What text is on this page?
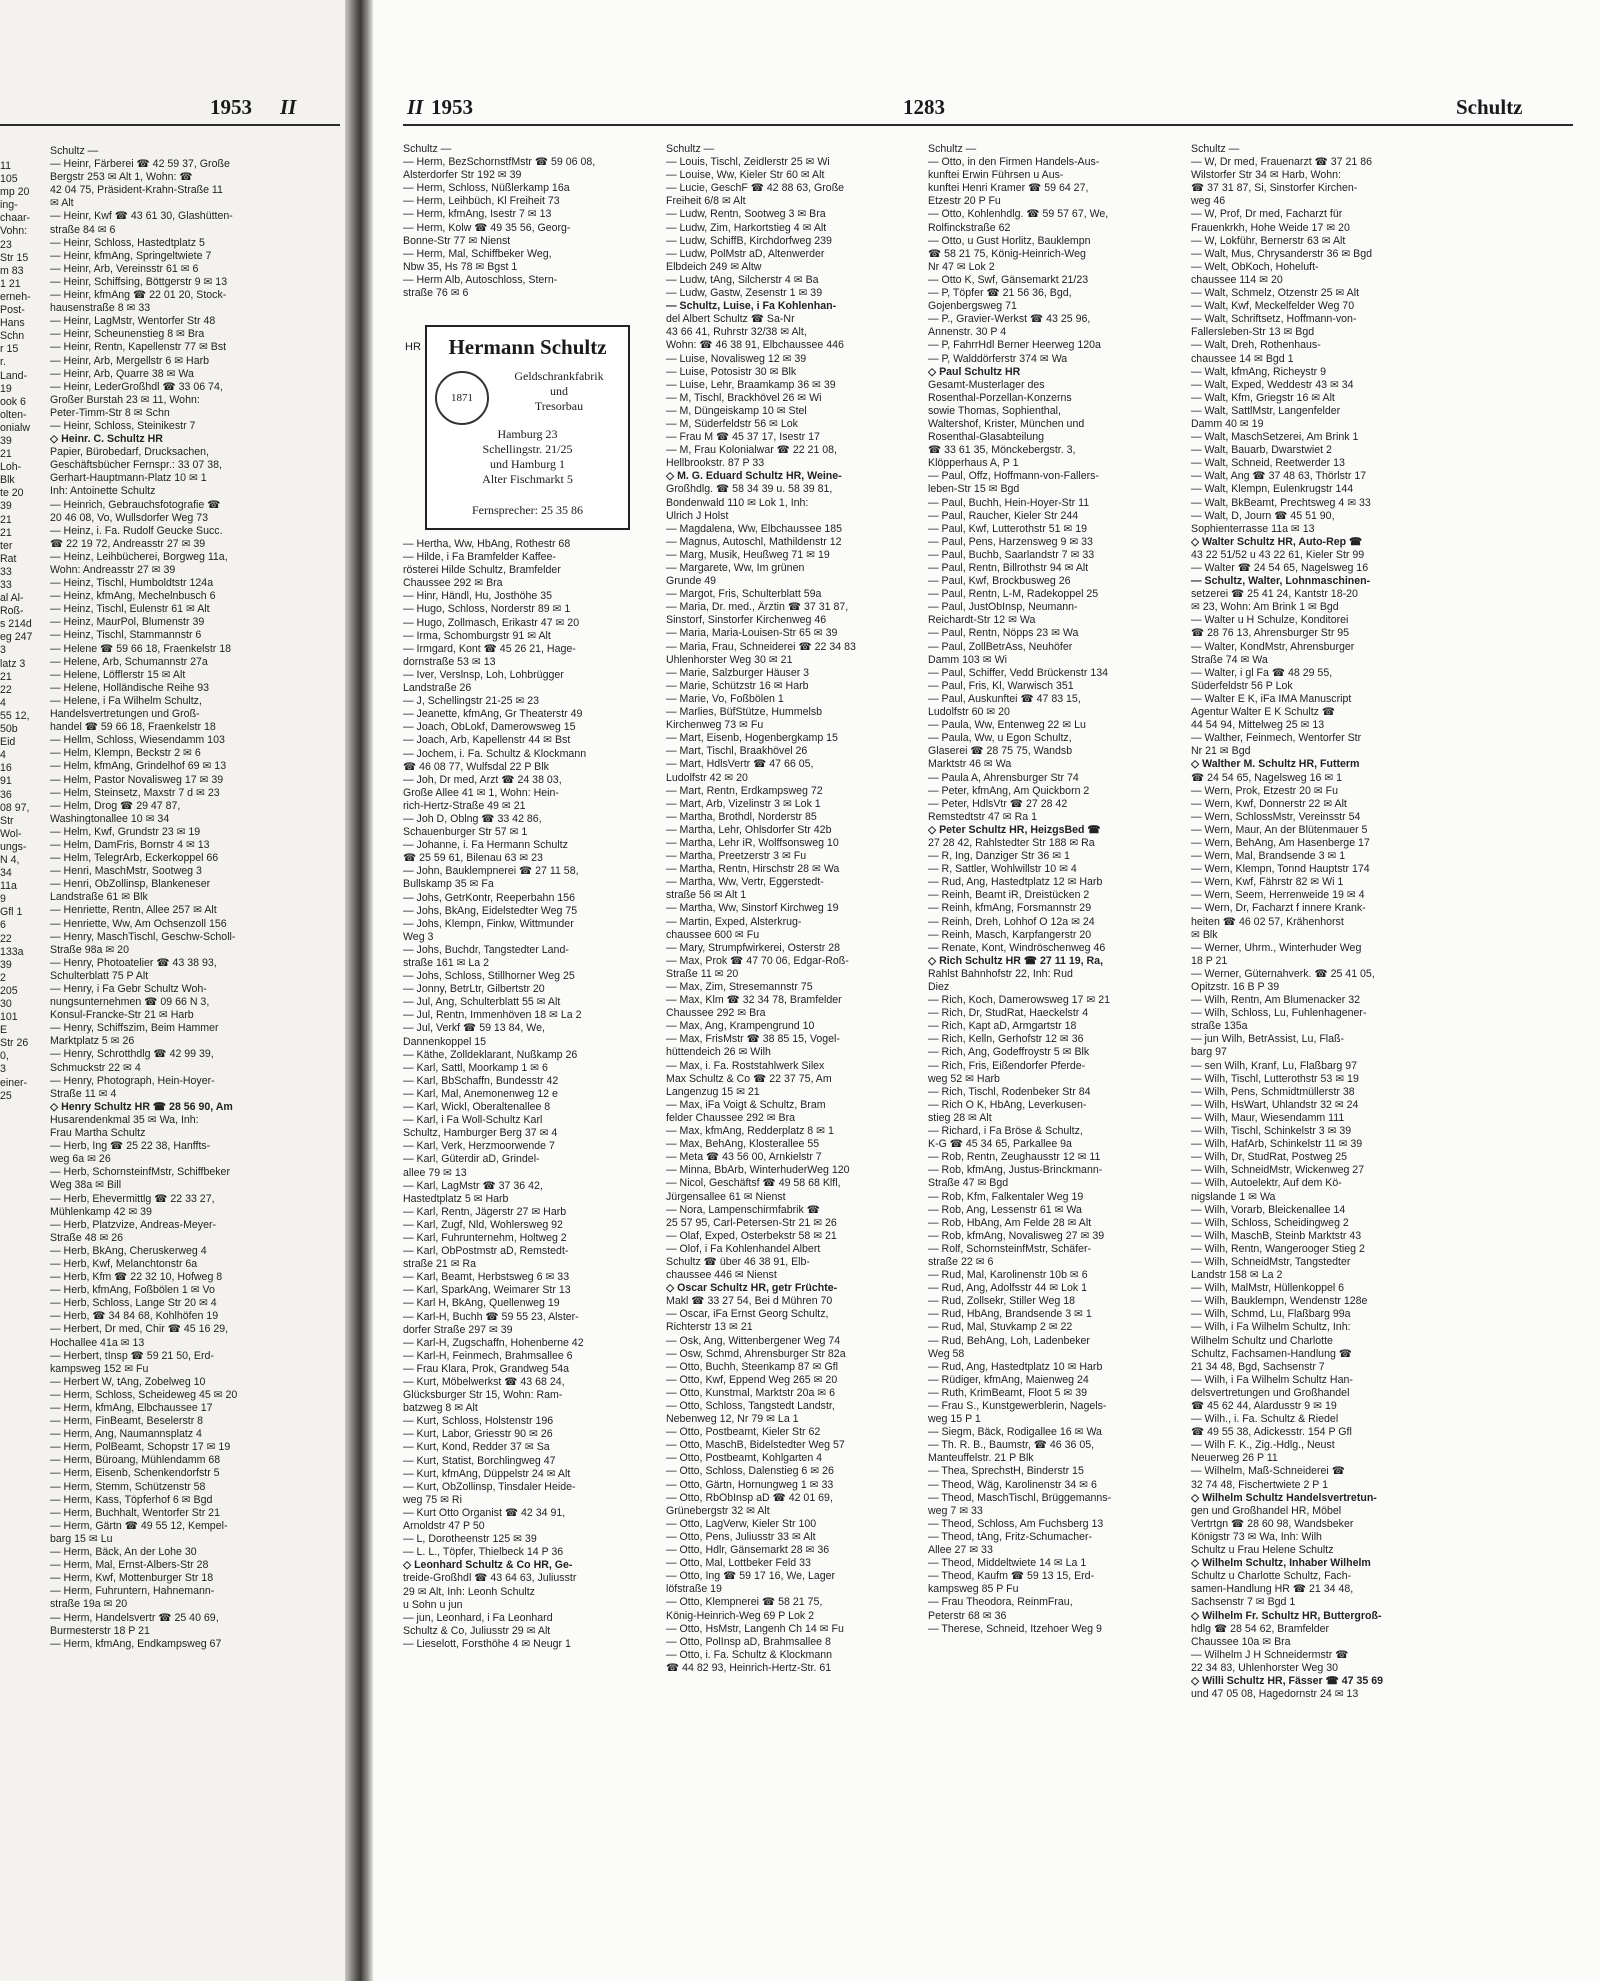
1953 II
11
105
mp 20
ing-
chaar-
Vohn:
23
Str 15
m 83
1 21
erneh-
Post-
Hans
Schn
r 15
r.
Land-
19
ook 6
olten-
onialw
39
21
Loh-
Blk
te 20
39
21
21
ter
Rat
33
33
al Al-
Roß-
s 214d
eg 247
3
latz 3
21
22
4
55 12,
50b
Eid
4
16
91
36
08 97,
Str
Wol-
ungs-
N 4,
34
11a
9
Gfl 1
6
22
133a
39
2
205
30
101
E
Str 26
0,
3
einer-
25
Schultz —
— Heinr, Färberei ☎ 42 59 37, Große
Bergstr 253 ✉ Alt 1, Wohn: ☎
42 04 75, Präsident-Krahn-Straße 11
✉ Alt
— Heinr, Kwf ☎ 43 61 30, Glashütten-
straße 84 ✉ 6
— Heinr, Schloss, Hastedtplatz 5
— Heinr, kfmAng, Springeltwiete 7
— Heinr, Arb, Vereinsstr 61 ✉ 6
— Heinr, Schiffsing, Böttgerstr 9 ✉ 13
— Heinr, kfmAng ☎ 22 01 20, Stock-
hausenstraße 8 ✉ 33
— Heinr, LagMstr, Wentorfer Str 48
— Heinr, Scheunenstieg 8 ✉ Bra
— Heinr, Rentn, Kapellenstr 77 ✉ Bst
— Heinr, Arb, Mergellstr 6 ✉ Harb
— Heinr, Arb, Quarre 38 ✉ Wa
— Heinr, LederGroßhdl ☎ 33 06 74,
Großer Burstah 23 ✉ 11, Wohn:
Peter-Timm-Str 8 ✉ Schn
— Heinr, Schloss, Steinikestr 7
◇ Heinr. C. Schultz HR
Papier, Bürobedarf, Drucksachen,
Geschäftsbücher Fernspr.: 33 07 38,
Gerhart-Hauptmann-Platz 10 ✉ 1
Inh: Antoinette Schultz
— Heinrich, Gebrauchsfotografie ☎
20 46 08, Vo, Wullsdorfer Weg 73
— Heinz, i. Fa. Rudolf Geucke Succ.
☎ 22 19 72, Andreasstr 27 ✉ 39
— Heinz, Leihbücherei, Borgweg 11a,
Wohn: Andreasstr 27 ✉ 39
— Heinz, Tischl, Humboldtstr 124a
— Heinz, kfmAng, Mechelnbusch 6
— Heinz, Tischl, Eulenstr 61 ✉ Alt
— Heinz, MaurPol, Blumenstr 39
— Heinz, Tischl, Stammannstr 6
— Helene ☎ 59 66 18, Fraenkelstr 18
— Helene, Arb, Schumannstr 27a
— Helene, Löfflerstr 15 ✉ Alt
— Helene, Holländische Reihe 93
— Helene, i Fa Wilhelm Schultz,
Handelsvertretungen und Groß-
handel ☎ 59 66 18, Fraenkelstr 18
— Hellm, Schloss, Wiesendamm 103
— Helm, Klempn, Beckstr 2 ✉ 6
— Helm, kfmAng, Grindelhof 69 ✉ 13
— Helm, Pastor Novalisweg 17 ✉ 39
— Helm, Steinsetz, Maxstr 7 d ✉ 23
— Helm, Drog ☎ 29 47 87,
Washingtonallee 10 ✉ 34
— Helm, Kwf, Grundstr 23 ✉ 19
— Helm, DamFris, Bornstr 4 ✉ 13
— Helm, TelegrArb, Eckerkoppel 66
— Henri, MaschMstr, Sootweg 3
— Henri, ObZollinsp, Blankeneser
Landstraße 61 ✉ Blk
— Henriette, Rentn, Allee 257 ✉ Alt
— Henriette, Ww, Am Ochsenzoll 156
— Henry, MaschTischl, Geschw-Scholl-
Straße 98a ✉ 20
— Henry, Photoatelier ☎ 43 38 93,
Schulterblatt 75 P Alt
— Henry, i Fa Gebr Schultz Woh-
nungsunternehmen ☎ 09 66 N 3,
Konsul-Francke-Str 21 ✉ Harb
— Henry, Schiffszim, Beim Hammer
Marktplatz 5 ✉ 26
— Henry, Schrotthdlg ☎ 42 99 39,
Schmuckstr 22 ✉ 4
— Henry, Photograph, Hein-Hoyer-
Straße 11 ✉ 4
◇ Henry Schultz HR ☎ 28 56 90, Am
Husarendenkmal 35 ✉ Wa, Inh:
Frau Martha Schultz
— Herb, Ing ☎ 25 22 38, Hanffts-
weg 6a ✉ 26
— Herb, SchornsteinfMstr, Schiffbeker
Weg 38a ✉ Bill
— Herb, Ehevermittlg ☎ 22 33 27,
Mühlenkamp 42 ✉ 39
— Herb, Platzvize, Andreas-Meyer-
Straße 48 ✉ 26
— Herb, BkAng, Cheruskerweg 4
— Herb, Kwf, Melanchtonstr 6a
— Herb, Kfm ☎ 22 32 10, Hofweg 8
— Herb, kfmAng, Foßbölen 1 ✉ Vo
— Herb, Schloss, Lange Str 20 ✉ 4
— Herb, ☎ 34 84 68, Kohlhöfen 19
— Herbert, Dr med, Chir ☎ 45 16 29,
Hochallee 41a ✉ 13
— Herbert, tInsp ☎ 59 21 50, Erd-
kampsweg 152 ✉ Fu
— Herbert W, tAng, Zobelweg 10
— Herm, Schloss, Scheideweg 45 ✉ 20
— Herm, kfmAng, Elbchaussee 17
— Herm, FinBeamt, Beselerstr 8
— Herm, Ang, Naumannsplatz 4
— Herm, PolBeamt, Schopstr 17 ✉ 19
— Herm, Büroang, Mühlendamm 68
— Herm, Eisenb, Schenkendorfstr 5
— Herm, Stemm, Schützenstr 58
— Herm, Kass, Töpferhof 6 ✉ Bgd
— Herm, Buchhalt, Wentorfer Str 21
— Herm, Gärtn ☎ 49 55 12, Kempel-
barg 15 ✉ Lu
— Herm, Bäck, An der Lohe 30
— Herm, Mal, Ernst-Albers-Str 28
— Herm, Kwf, Mottenburger Str 18
— Herm, Fuhruntern, Hahnemann-
straße 19a ✉ 20
— Herm, Handelsvertr ☎ 25 40 69,
Burmesterstr 18 P 21
— Herm, kfmAng, Endkampsweg 67
II 1953	1283	Schultz
Schultz —
— Herm, BezSchornstfMstr ☎ 59 06 08,
Alsterdorfer Str 192 ✉ 39
— Herm, Schloss, Nüßlerkamp 16a
— Herm, Leihbüch, Kl Freiheit 73
— Herm, kfmAng, Isestr 7 ✉ 13
— Herm, Kolw ☎ 49 35 56, Georg-
Bonne-Str 77 ✉ Nienst
— Herm, Mal, Schiffbeker Weg,
Nbw 35, Hs 78 ✉ Bgst 1
— Herm Alb, Autoschloss, Stern-
straße 76 ✉ 6
HR	Hermann Schultz
1871
Geldschrankfabrik
und
Tresorbau
Hamburg 23
Schellingstr. 21/25
und Hamburg 1
Alter Fischmarkt 5
Fernsprecher: 25 35 86
— Hertha, Ww, HbAng, Rothestr 68
— Hilde, i Fa Bramfelder Kaffee-
rösterei Hilde Schultz, Bramfelder
Chaussee 292 ✉ Bra
— Hinr, Händl, Hu, Josthöhe 35
— Hugo, Schloss, Norderstr 89 ✉ 1
— Hugo, Zollmasch, Erikastr 47 ✉ 20
— Irma, Schomburgstr 91 ✉ Alt
— Irmgard, Kont ☎ 45 26 21, Hage-
dornstraße 53 ✉ 13
— Iver, Verslnsp, Loh, Lohbrügger
Landstraße 26
— J, Schellingstr 21-25 ✉ 23
— Jeanette, kfmAng, Gr Theaterstr 49
— Joach, ObLokf, Damerowsweg 15
— Joach, Arb, Kapellenstr 44 ✉ Bst
— Jochem, i. Fa. Schultz & Klockmann
☎ 46 08 77, Wulfsdal 22 P Blk
— Joh, Dr med, Arzt ☎ 24 38 03,
Große Allee 41 ✉ 1, Wohn: Hein-
rich-Hertz-Straße 49 ✉ 21
— Joh D, Oblng ☎ 33 42 86,
Schauenburger Str 57 ✉ 1
— Johanne, i. Fa Hermann Schultz
☎ 25 59 61, Bilenau 63 ✉ 23
— John, Bauklempnerei ☎ 27 11 58,
Bullskamp 35 ✉ Fa
— Johs, GetrKontr, Reeperbahn 156
— Johs, BkAng, Eidelstedter Weg 75
— Johs, Klempn, Finkw, Wittmunder
Weg 3
— Johs, Buchdr, Tangstedter Land-
straße 161 ✉ La 2
— Johs, Schloss, Stillhorner Weg 25
— Jonny, BetrLtr, Gilbertstr 20
— Jul, Ang, Schulterblatt 55 ✉ Alt
— Jul, Rentn, Immenhöven 18 ✉ La 2
— Jul, Verkf ☎ 59 13 84, We,
Dannenkoppel 15
— Käthe, Zolldeklarant, Nußkamp 26
— Karl, Sattl, Moorkamp 1 ✉ 6
— Karl, BbSchaffn, Bundesstr 42
— Karl, Mal, Anemonenweg 12 e
— Karl, Wickl, Oberaltenallee 8
— Karl, i Fa Woll-Schultz Karl
Schultz, Hamburger Berg 37 ✉ 4
— Karl, Verk, Herzmoorwende 7
— Karl, Güterdir aD, Grindel-
allee 79 ✉ 13
— Karl, LagMstr ☎ 37 36 42,
Hastedtplatz 5 ✉ Harb
— Karl, Rentn, Jägerstr 27 ✉ Harb
— Karl, Zugf, Nld, Wohlersweg 92
— Karl, Fuhrunternehm, Holtweg 2
— Karl, ObPostmstr aD, Remstedt-
straße 21 ✉ Ra
— Karl, Beamt, Herbstsweg 6 ✉ 33
— Karl, SparkAng, Weimarer Str 13
— Karl H, BkAng, Quellenweg 19
— Karl-H, Buchh ☎ 59 55 23, Alster-
dorfer Straße 297 ✉ 39
— Karl-H, Zugschaffn, Hohenberne 42
— Karl-H, Feinmech, Brahmsallee 6
— Frau Klara, Prok, Grandweg 54a
— Kurt, Möbelwerkst ☎ 43 68 24,
Glücksburger Str 15, Wohn: Ram-
batzweg 8 ✉ Alt
— Kurt, Schloss, Holstenstr 196
— Kurt, Labor, Griesstr 90 ✉ 26
— Kurt, Kond, Redder 37 ✉ Sa
— Kurt, Statist, Borchlingweg 47
— Kurt, kfmAng, Düppelstr 24 ✉ Alt
— Kurt, ObZollinsp, Tinsdaler Heide-
weg 75 ✉ Ri
— Kurt Otto Organist ☎ 42 34 91,
Arnoldstr 47 P 50
— L, Dorotheenstr 125 ✉ 39
— L. L., Töpfer, Thielbeck 14 P 36
◇ Leonhard Schultz & Co HR, Ge-
treide-Großhdl ☎ 43 64 63, Juliusstr
29 ✉ Alt, Inh: Leonh Schultz
u Sohn u jun
— jun, Leonhard, i Fa Leonhard
Schultz & Co, Juliusstr 29 ✉ Alt
— Lieselott, Forsthöhe 4 ✉ Neugr 1
Schultz —
— Louis, Tischl, Zeidlerstr 25 ✉ Wi
— Louise, Ww, Kieler Str 60 ✉ Alt
— Lucie, GeschF ☎ 42 88 63, Große
Freiheit 6/8 ✉ Alt
— Ludw, Rentn, Sootweg 3 ✉ Bra
— Ludw, Zim, Harkortstieg 4 ✉ Alt
— Ludw, SchiffB, Kirchdorfweg 239
— Ludw, PolMstr aD, Altenwerder
Elbdeich 249 ✉ Altw
— Ludw, tAng, Silcherstr 4 ✉ Ba
— Ludw, Gastw, Zesenstr 1 ✉ 39
— Schultz, Luise, i Fa Kohlenhan-
del Albert Schultz ☎ Sa-Nr
43 66 41, Ruhrstr 32/38 ✉ Alt,
Wohn: ☎ 46 38 91, Elbchaussee 446
— Luise, Novalisweg 12 ✉ 39
— Luise, Potosistr 30 ✉ Blk
— Luise, Lehr, Braamkamp 36 ✉ 39
— M, Tischl, Brackhövel 26 ✉ Wi
— M, Düngeiskamp 10 ✉ Stel
— M, Süderfeldstr 56 ✉ Lok
— Frau M ☎ 45 37 17, Isestr 17
— M, Frau Kolonialwar ☎ 22 21 08,
Hellbrookstr. 87 P 33
◇ M. G. Eduard Schultz HR, Weine-
Großhdlg. ☎ 58 34 39 u. 58 39 81,
Bondenwald 110 ✉ Lok 1, Inh:
Ulrich J Holst
— Magdalena, Ww, Elbchaussee 185
— Magnus, Autoschl, Mathildenstr 12
— Marg, Musik, Heußweg 71 ✉ 19
— Margarete, Ww, Im grünen
Grunde 49
— Margot, Fris, Schulterblatt 59a
— Maria, Dr. med., Ärztin ☎ 37 31 87,
Sinstorf, Sinstorfer Kirchenweg 46
— Maria, Maria-Louisen-Str 65 ✉ 39
— Maria, Frau, Schneiderei ☎ 22 34 83
Uhlenhorster Weg 30 ✉ 21
— Marie, Salzburger Häuser 3
— Marie, Schützstr 16 ✉ Harb
— Marie, Vo, Foßbölen 1
— Marlies, BüfStütze, Hummelsb
Kirchenweg 73 ✉ Fu
— Mart, Eisenb, Hogenbergkamp 15
— Mart, Tischl, Braakhövel 26
— Mart, HdlsVertr ☎ 47 66 05,
Ludolfstr 42 ✉ 20
— Mart, Rentn, Erdkampsweg 72
— Mart, Arb, Vizelinstr 3 ✉ Lok 1
— Martha, Brothdl, Norderstr 85
— Martha, Lehr, Ohlsdorfer Str 42b
— Martha, Lehr iR, Wolffsonsweg 10
— Martha, Preetzerstr 3 ✉ Fu
— Martha, Rentn, Hirschstr 28 ✉ Wa
— Martha, Ww, Vertr, Eggerstedt-
straße 56 ✉ Alt 1
— Martha, Ww, Sinstorf Kirchweg 19
— Martin, Exped, Alsterkrug-
chaussee 600 ✉ Fu
— Mary, Strumpfwirkerei, Osterstr 28
— Max, Prok ☎ 47 70 06, Edgar-Roß-
Straße 11 ✉ 20
— Max, Zim, Stresemannstr 75
— Max, Klm ☎ 32 34 78, Bramfelder
Chaussee 292 ✉ Bra
— Max, Ang, Krampengrund 10
— Max, FrisMstr ☎ 38 85 15, Vogel-
hüttendeich 26 ✉ Wilh
— Max, i. Fa. Roststahlwerk Silex
Max Schultz & Co ☎ 22 37 75, Am
Langenzug 15 ✉ 21
— Max, iFa Voigt & Schultz, Bram
felder Chaussee 292 ✉ Bra
— Max, kfmAng, Redderplatz 8 ✉ 1
— Max, BehAng, Klosterallee 55
— Meta ☎ 43 56 00, Arnkielstr 7
— Minna, BbArb, WinterhuderWeg 120
— Nicol, Geschäftsf ☎ 49 58 68 Klfl,
Jürgensallee 61 ✉ Nienst
— Nora, Lampenschirmfabrik ☎
25 57 95, Carl-Petersen-Str 21 ✉ 26
— Olaf, Exped, Osterbekstr 58 ✉ 21
— Olof, i Fa Kohlenhandel Albert
Schultz ☎ über 46 38 91, Elb-
chaussee 446 ✉ Nienst
◇ Oscar Schultz HR, getr Früchte-
Makl ☎ 33 27 54, Bei d Mühren 70
— Oscar, iFa Ernst Georg Schultz,
Richterstr 13 ✉ 21
— Osk, Ang, Wittenbergener Weg 74
— Osw, Schmd, Ahrensburger Str 82a
— Otto, Buchh, Steenkamp 87 ✉ Gfl
— Otto, Kwf, Eppend Weg 265 ✉ 20
— Otto, Kunstmal, Marktstr 20a ✉ 6
— Otto, Schloss, Tangstedt Landstr,
Nebenweg 12, Nr 79 ✉ La 1
— Otto, Postbeamt, Kieler Str 62
— Otto, MaschB, Bidelstedter Weg 57
— Otto, Postbeamt, Kohlgarten 4
— Otto, Schloss, Dalenstieg 6 ✉ 26
— Otto, Gärtn, Hornungweg 1 ✉ 33
— Otto, RbObInsp aD ☎ 42 01 69,
Grünebergstr 32 ✉ Alt
— Otto, LagVerw, Kieler Str 100
— Otto, Pens, Juliusstr 33 ✉ Alt
— Otto, Hdlr, Gänsemarkt 28 ✉ 36
— Otto, Mal, Lottbeker Feld 33
— Otto, Ing ☎ 59 17 16, We, Lager
löfstraße 19
— Otto, Klempnerei ☎ 58 21 75,
König-Heinrich-Weg 69 P Lok 2
— Otto, HsMstr, Langenh Ch 14 ✉ Fu
— Otto, PolInsp aD, Brahmsallee 8
— Otto, i. Fa. Schultz & Klockmann
☎ 44 82 93, Heinrich-Hertz-Str. 61
Schultz —
— Otto, in den Firmen Handels-Aus-
kunftei Erwin Führsen u Aus-
kunftei Henri Kramer ☎ 59 64 27,
Etzestr 20 P Fu
— Otto, Kohlenhdlg. ☎ 59 57 67, We,
Rolfinckstraße 62
— Otto, u Gust Horlitz, Bauklempn
☎ 58 21 75, König-Heinrich-Weg
Nr 47 ✉ Lok 2
— Otto K, Swf, Gänsemarkt 21/23
— P, Töpfer ☎ 21 56 36, Bgd,
Gojenbergsweg 71
— P., Gravier-Werkst ☎ 43 25 96,
Annenstr. 30 P 4
— P, FahrrHdl Berner Heerweg 120a
— P, Walddörferstr 374 ✉ Wa
◇ Paul Schultz HR
Gesamt-Musterlager des
Rosenthal-Porzellan-Konzerns
sowie Thomas, Sophienthal,
Waltershof, Krister, München und
Rosenthal-Glasabteilung
☎ 33 61 35, Mönckebergstr. 3,
Klöpperhaus A, P 1
— Paul, Offz, Hoffmann-von-Fallers-
leben-Str 15 ✉ Bgd
— Paul, Buchh, Hein-Hoyer-Str 11
— Paul, Raucher, Kieler Str 244
— Paul, Kwf, Lutterothstr 51 ✉ 19
— Paul, Pens, Harzensweg 9 ✉ 33
— Paul, Buchb, Saarlandstr 7 ✉ 33
— Paul, Rentn, Billrothstr 94 ✉ Alt
— Paul, Kwf, Brockbusweg 26
— Paul, Rentn, L-M, Radekoppel 25
— Paul, JustObInsp, Neumann-
Reichardt-Str 12 ✉ Wa
— Paul, Rentn, Nöpps 23 ✉ Wa
— Paul, ZollBetrAss, Neuhöfer
Damm 103 ✉ Wi
— Paul, Schiffer, Vedd Brückenstr 134
— Paul, Fris, Kl, Warwisch 351
— Paul, Auskunftei ☎ 47 83 15,
Ludolfstr 60 ✉ 20
— Paula, Ww, Entenweg 22 ✉ Lu
— Paula, Ww, u Egon Schultz,
Glaserei ☎ 28 75 75, Wandsb
Marktstr 46 ✉ Wa
— Paula A, Ahrensburger Str 74
— Peter, kfmAng, Am Quickborn 2
— Peter, HdlsVtr ☎ 27 28 42
Remstedtstr 47 ✉ Ra 1
◇ Peter Schultz HR, HeizgsBed ☎
27 28 42, Rahlstedter Str 188 ✉ Ra
— R, Ing, Danziger Str 36 ✉ 1
— R, Sattler, Wohlwillstr 10 ✉ 4
— Rud, Ang, Hastedtplatz 12 ✉ Harb
— Reinh, Beamt iR, Dreistücken 2
— Reinh, kfmAng, Forsmannstr 29
— Reinh, Dreh, Lohhof O 12a ✉ 24
— Reinh, Masch, Karpfangerstr 20
— Renate, Kont, Windröschenweg 46
◇ Rich Schultz HR ☎ 27 11 19, Ra,
Rahlst Bahnhofstr 22, Inh: Rud
Diez
— Rich, Koch, Damerowsweg 17 ✉ 21
— Rich, Dr, StudRat, Haeckelstr 4
— Rich, Kapt aD, Armgartstr 18
— Rich, Kelln, Gerhofstr 12 ✉ 36
— Rich, Ang, Godeffroystr 5 ✉ Blk
— Rich, Fris, Eißendorfer Pferde-
weg 52 ✉ Harb
— Rich, Tischl, Rodenbeker Str 84
— Rich O K, HbAng, Leverkusen-
stieg 28 ✉ Alt
— Richard, i Fa Bröse & Schultz,
K-G ☎ 45 34 65, Parkallee 9a
— Rob, Rentn, Zeughausstr 12 ✉ 11
— Rob, kfmAng, Justus-Brinckmann-
Straße 47 ✉ Bgd
— Rob, Kfm, Falkentaler Weg 19
— Rob, Ang, Lessenstr 61 ✉ Wa
— Rob, HbAng, Am Felde 28 ✉ Alt
— Rob, kfmAng, Novalisweg 27 ✉ 39
— Rolf, SchornsteinfMstr, Schäfer-
straße 22 ✉ 6
— Rud, Mal, Karolinenstr 10b ✉ 6
— Rud, Ang, Adolfsstr 44 ✉ Lok 1
— Rud, Zollsekr, Stiller Weg 18
— Rud, HbAng, Brandsende 3 ✉ 1
— Rud, Mal, Stuvkamp 2 ✉ 22
— Rud, BehAng, Loh, Ladenbeker
Weg 58
— Rud, Ang, Hastedtplatz 10 ✉ Harb
— Rüdiger, kfmAng, Maienweg 24
— Ruth, KrimBeamt, Floot 5 ✉ 39
— Frau S., Kunstgewerblerin, Nagels-
weg 15 P 1
— Siegm, Bäck, Rodigallee 16 ✉ Wa
— Th. R. B., Baumstr, ☎ 46 36 05,
Manteuffelstr. 21 P Blk
— Thea, SprechstH, Binderstr 15
— Theod, Wäg, Karolinenstr 34 ✉ 6
— Theod, MaschTischl, Brüggemanns-
weg 7 ✉ 33
— Theod, Schloss, Am Fuchsberg 13
— Theod, tAng, Fritz-Schumacher-
Allee 27 ✉ 33
— Theod, Middeltwiete 14 ✉ La 1
— Theod, Kaufm ☎ 59 13 15, Erd-
kampsweg 85 P Fu
— Frau Theodora, ReinmFrau,
Peterstr 68 ✉ 36
— Therese, Schneid, Itzehoer Weg 9
Schultz —
— W, Dr med, Frauenarzt ☎ 37 21 86
Wilstorfer Str 34 ✉ Harb, Wohn:
☎ 37 31 87, Si, Sinstorfer Kirchen-
weg 46
— W, Prof, Dr med, Facharzt für
Frauenkrkh, Hohe Weide 17 ✉ 20
— W, Lokführ, Bernerstr 63 ✉ Alt
— Walt, Mus, Chrysanderstr 36 ✉ Bgd
— Welt, ObKoch, Hoheluft-
chaussee 114 ✉ 20
— Walt, Schmelz, Otzenstr 25 ✉ Alt
— Walt, Kwf, Meckelfelder Weg 70
— Walt, Schriftsetz, Hoffmann-von-
Fallersleben-Str 13 ✉ Bgd
— Walt, Dreh, Rothenhaus-
chaussee 14 ✉ Bgd 1
— Walt, kfmAng, Richeystr 9
— Walt, Exped, Weddestr 43 ✉ 34
— Walt, Kfm, Griegstr 16 ✉ Alt
— Walt, SattlMstr, Langenfelder
Damm 40 ✉ 19
— Walt, MaschSetzerei, Am Brink 1
— Walt, Bauarb, Dwarstwiet 2
— Walt, Schneid, Reetwerder 13
— Walt, Ang ☎ 37 48 63, Thörlstr 17
— Walt, Klempn, Eulenkrugstr 144
— Walt, BkBeamt, Prechtsweg 4 ✉ 33
— Walt, D, Journ ☎ 45 51 90,
Sophienterrasse 11a ✉ 13
◇ Walter Schultz HR, Auto-Rep ☎
43 22 51/52 u 43 22 61, Kieler Str 99
— Walter ☎ 24 54 65, Nagelsweg 16
— Schultz, Walter, Lohnmaschinen-
setzerei ☎ 25 41 24, Kantstr 18-20
✉ 23, Wohn: Am Brink 1 ✉ Bgd
— Walter u H Schulze, Konditorei
☎ 28 76 13, Ahrensburger Str 95
— Walter, KondMstr, Ahrensburger
Straße 74 ✉ Wa
— Walter, i gl Fa ☎ 48 29 55,
Süderfeldstr 56 P Lok
— Walter E K, iFa IMA Manuscript
Agentur Walter E K Schultz ☎
44 54 94, Mittelweg 25 ✉ 13
— Walther, Feinmech, Wentorfer Str
Nr 21 ✉ Bgd
◇ Walther M. Schultz HR, Futterm
☎ 24 54 65, Nagelsweg 16 ✉ 1
— Wern, Prok, Etzestr 20 ✉ Fu
— Wern, Kwf, Donnerstr 22 ✉ Alt
— Wern, SchlossMstr, Vereinsstr 54
— Wern, Maur, An der Blütenmauer 5
— Wern, BehAng, Am Hasenberge 17
— Wern, Mal, Brandsende 3 ✉ 1
— Wern, Klempn, Tonnd Hauptstr 174
— Wern, Kwf, Fährstr 82 ✉ Wi 1
— Wern, Seem, Herrenweide 19 ✉ 4
— Wern, Dr, Facharzt f innere Krank-
heiten ☎ 46 02 57, Krähenhorst
✉ Blk
— Werner, Uhrm., Winterhuder Weg
18 P 21
— Werner, Güternahverk. ☎ 25 41 05,
Opitzstr. 16 B P 39
— Wilh, Rentn, Am Blumenacker 32
— Wilh, Schloss, Lu, Fuhlenhagener-
straße 135a
— jun Wilh, BetrAssist, Lu, Flaß-
barg 97
— sen Wilh, Kranf, Lu, Flaßbarg 97
— Wilh, Tischl, Lutterothstr 53 ✉ 19
— Wilh, Pens, Schmidtmüllerstr 38
— Wilh, HsWart, Uhlandstr 32 ✉ 24
— Wilh, Maur, Wiesendamm 111
— Wilh, Tischl, Schinkelstr 3 ✉ 39
— Wilh, HafArb, Schinkelstr 11 ✉ 39
— Wilh, Dr, StudRat, Postweg 25
— Wilh, SchneidMstr, Wickenweg 27
— Wilh, Autoelektr, Auf dem Kö-
nigslande 1 ✉ Wa
— Wilh, Vorarb, Bleickenallee 14
— Wilh, Schloss, Scheidingweg 2
— Wilh, MaschB, Steinb Marktstr 43
— Wilh, Rentn, Wangerooger Stieg 2
— Wilh, SchneidMstr, Tangstedter
Landstr 158 ✉ La 2
— Wilh, MalMstr, Hüllenkoppel 6
— Wilh, Bauklempn, Wendenstr 128e
— Wilh, Schmd, Lu, Flaßbarg 99a
— Wilh, i Fa Wilhelm Schultz, Inh:
Wilhelm Schultz und Charlotte
Schultz, Fachsamen-Handlung ☎
21 34 48, Bgd, Sachsenstr 7
— Wilh, i Fa Wilhelm Schultz Han-
delsvertretungen und Großhandel
☎ 45 62 44, Alardusstr 9 ✉ 19
— Wilh., i. Fa. Schultz & Riedel
☎ 49 55 38, Adickesstr. 154 P Gfl
— Wilh F. K., Zig.-Hdlg., Neust
Neuerweg 26 P 11
— Wilhelm, Maß-Schneiderei ☎
32 74 48, Fischertwiete 2 P 1
◇ Wilhelm Schultz Handelsvertretun-
gen und Großhandel HR, Möbel
Vertrtgn ☎ 28 60 98, Wandsbeker
Königstr 73 ✉ Wa, Inh: Wilh
Schultz u Frau Helene Schultz
◇ Wilhelm Schultz, Inhaber Wilhelm
Schultz u Charlotte Schultz, Fach-
samen-Handlung HR ☎ 21 34 48,
Sachsenstr 7 ✉ Bgd 1
◇ Wilhelm Fr. Schultz HR, Buttergroß-
hdlg ☎ 28 54 62, Bramfelder
Chaussee 10a ✉ Bra
— Wilhelm J H Schneidermstr ☎
22 34 83, Uhlenhorster Weg 30
◇ Willi Schultz HR, Fässer ☎ 47 35 69
und 47 05 08, Hagedornstr 24 ✉ 13
